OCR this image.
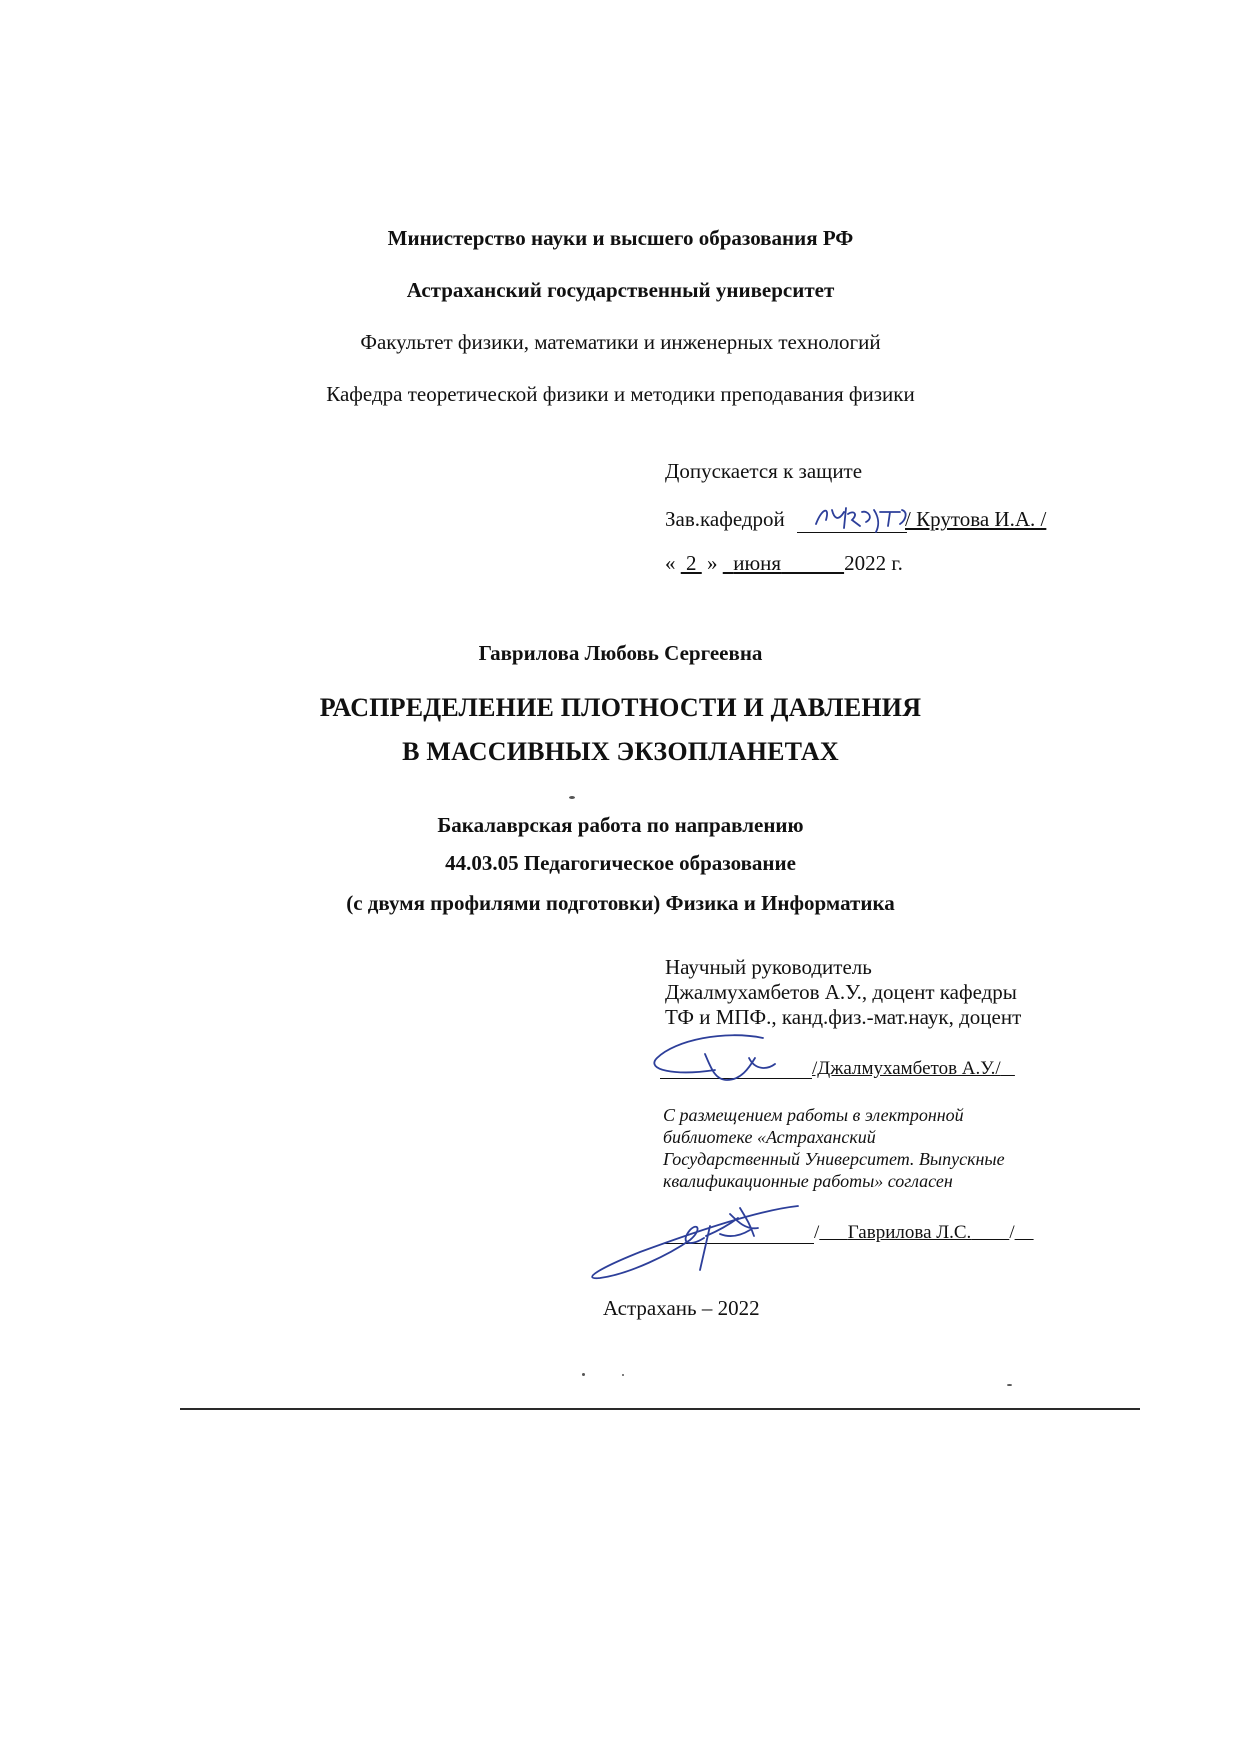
Министерство науки и высшего образования РФ
Астраханский государственный университет
Факультет физики, математики и инженерных технологий
Кафедра теоретической физики и методики преподавания физики
Допускается к защите
Зав.кафедрой	/ Крутова И.А. /
« 2 » июня	2022 г.
Гаврилова Любовь Сергеевна
РАСПРЕДЕЛЕНИЕ ПЛОТНОСТИ И ДАВЛЕНИЯ
В МАССИВНЫХ ЭКЗОПЛАНЕТАХ
Бакалаврская работа по направлению
44.03.05 Педагогическое образование
(с двумя профилями подготовки) Физика и Информатика
Научный руководитель
Джалмухамбетов А.У., доцент кафедры
ТФ и МПФ., канд.физ.-мат.наук, доцент
/Джалмухамбетов А.У./
С размещением работы в электронной
библиотеке «Астраханский
Государственный Университет. Выпускные
квалификационные работы» согласен
/ Гаврилова Л.С. /
Астрахань – 2022
